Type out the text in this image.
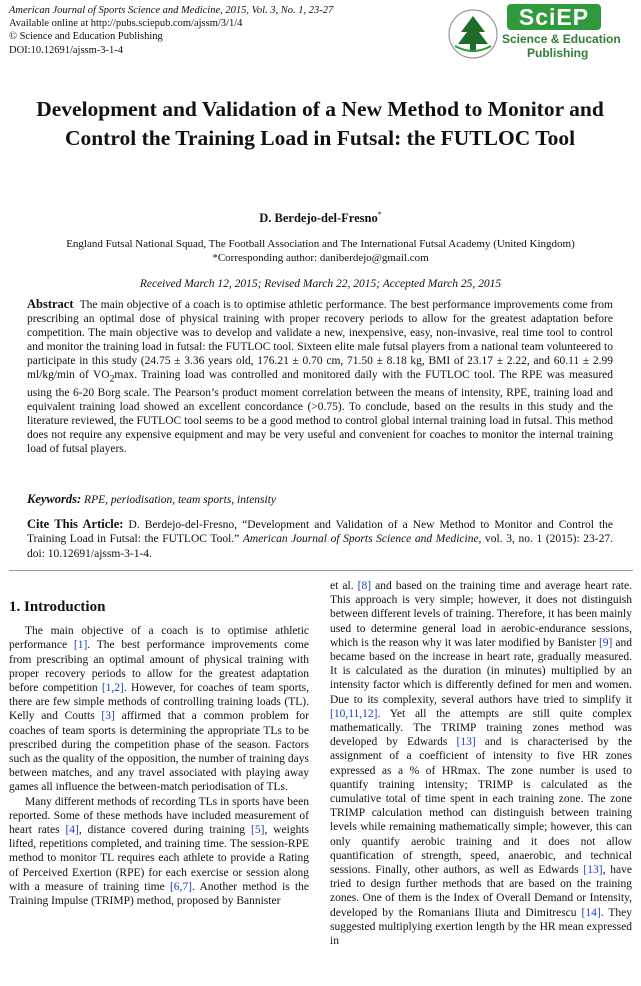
American Journal of Sports Science and Medicine, 2015, Vol. 3, No. 1, 23-27
Available online at http://pubs.sciepub.com/ajssm/3/1/4
© Science and Education Publishing
DOI:10.12691/ajssm-3-1-4
SciEP
Science & Education
Publishing
Development and Validation of a New Method to Monitor and Control the Training Load in Futsal: the FUTLOC Tool
D. Berdejo-del-Fresno*
England Futsal National Squad, The Football Association and The International Futsal Academy (United Kingdom)
*Corresponding author: daniberdejo@gmail.com
Received March 12, 2015; Revised March 22, 2015; Accepted March 25, 2015
Abstract The main objective of a coach is to optimise athletic performance. The best performance improvements come from prescribing an optimal dose of physical training with proper recovery periods to allow for the greatest adaptation before competition. The main objective was to develop and validate a new, inexpensive, easy, non-invasive, real time tool to control and monitor the training load in futsal: the FUTLOC tool. Sixteen elite male futsal players from a national team volunteered to participate in this study (24.75 ± 3.36 years old, 176.21 ± 0.70 cm, 71.50 ± 8.18 kg, BMI of 23.17 ± 2.22, and 60.11 ± 2.99 ml/kg/min of $VO_2\max$. Training load was controlled and monitored daily with the FUTLOC tool. The RPE was measured using the 6-20 Borg scale. The Pearson’s product moment correlation between the means of intensity, RPE, training load and equivalent training load showed an excellent concordance (>0.75). To conclude, based on the results in this study and the literature reviewed, the FUTLOC tool seems to be a good method to control global internal training load in futsal. This method does not require any expensive equipment and may be very useful and convenient for coaches to monitor the internal training load of futsal players.
Keywords: RPE, periodisation, team sports, intensity
Cite This Article: D. Berdejo-del-Fresno, “Development and Validation of a New Method to Monitor and Control the Training Load in Futsal: the FUTLOC Tool.” American Journal of Sports Science and Medicine, vol. 3, no. 1 (2015): 23-27. doi: 10.12691/ajssm-3-1-4.
1. Introduction

The main objective of a coach is to optimise athletic performance [1]. The best performance improvements come from prescribing an optimal amount of physical training with proper recovery periods to allow for the greatest adaptation before competition [1,2]. However, for coaches of team sports, there are few simple methods of controlling training loads (TL). Kelly and Coutts [3] affirmed that a common problem for coaches of team sports is determining the appropriate TLs to be prescribed during the competition phase of the season. Factors such as the quality of the opposition, the number of training days between matches, and any travel associated with playing away games all influence the between-match periodisation of TLs.

Many different methods of recording TLs in sports have been reported. Some of these methods have included measurement of heart rates [4], distance covered during training [5], weights lifted, repetitions completed, and training time. The session-RPE method to monitor TL requires each athlete to provide a Rating of Perceived Exertion (RPE) for each exercise or session along with a measure of training time [6,7]. Another method is the Training Impulse (TRIMP) method, proposed by Bannister

et al. [8] and based on the training time and average heart rate. This approach is very simple; however, it does not distinguish between different levels of training. Therefore, it has been mainly used to determine general load in aerobic-endurance sessions, which is the reason why it was later modified by Banister [9] and became based on the increase in heart rate, gradually measured. It is calculated as the duration (in minutes) multiplied by an intensity factor which is differently defined for men and women. Due to its complexity, several authors have tried to simplify it [10,11,12]. Yet all the attempts are still quite complex mathematically. The TRIMP training zones method was developed by Edwards [13] and is characterised by the assignment of a coefficient of intensity to five HR zones expressed as a % of HRmax. The zone number is used to quantify training intensity; TRIMP is calculated as the cumulative total of time spent in each training zone. The zone TRIMP calculation method can distinguish between training levels while remaining mathematically simple; however, this can only quantify aerobic training and it does not allow quantification of strength, speed, anaerobic, and technical sessions. Finally, other authors, as well as Edwards [13], have tried to design further methods that are based on the training zones. One of them is the Index of Overall Demand or Intensity, developed by the Romanians Iliuta and Dimitrescu [14]. They suggested multiplying exertion length by the HR mean expressed in
